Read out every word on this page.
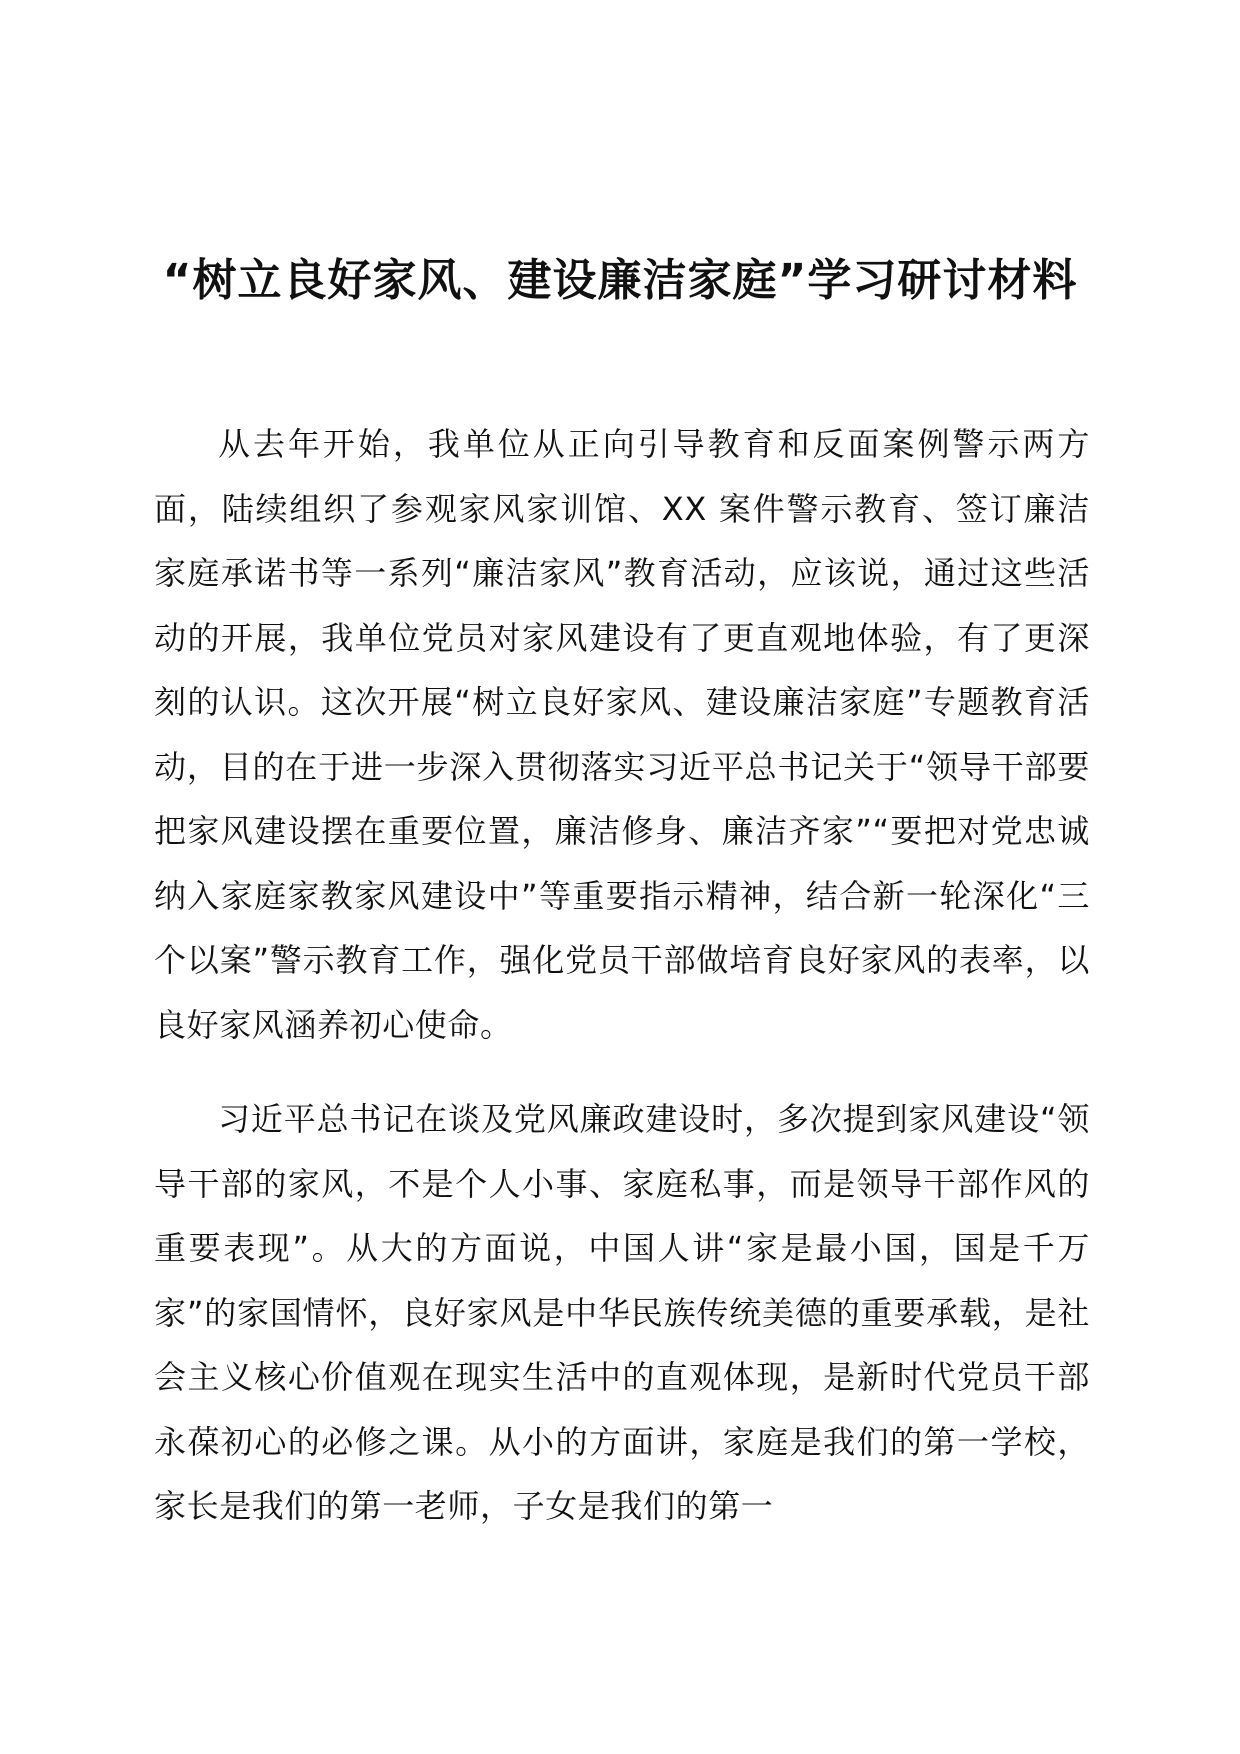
“树立良好家风、建设廉洁家庭”学习研讨材料

从去年开始，我单位从正向引导教育和反面案例警示两方面，陆续组织了参观家风家训馆、XX 案件警示教育、签订廉洁家庭承诺书等一系列“廉洁家风”教育活动，应该说，通过这些活动的开展，我单位党员对家风建设有了更直观地体验，有了更深刻的认识。这次开展“树立良好家风、建设廉洁家庭”专题教育活动，目的在于进一步深入贯彻落实习近平总书记关于“领导干部要把家风建设摆在重要位置，廉洁修身、廉洁齐家”“要把对党忠诚纳入家庭家教家风建设中”等重要指示精神，结合新一轮深化“三个以案”警示教育工作，强化党员干部做培育良好家风的表率，以良好家风涵养初心使命。

习近平总书记在谈及党风廉政建设时，多次提到家风建设“领导干部的家风，不是个人小事、家庭私事，而是领导干部作风的重要表现”。从大的方面说，中国人讲“家是最小国，国是千万家”的家国情怀，良好家风是中华民族传统美德的重要承载，是社会主义核心价值观在现实生活中的直观体现，是新时代党员干部永葆初心的必修之课。从小的方面讲，家庭是我们的第一学校，家长是我们的第一老师，子女是我们的第一
